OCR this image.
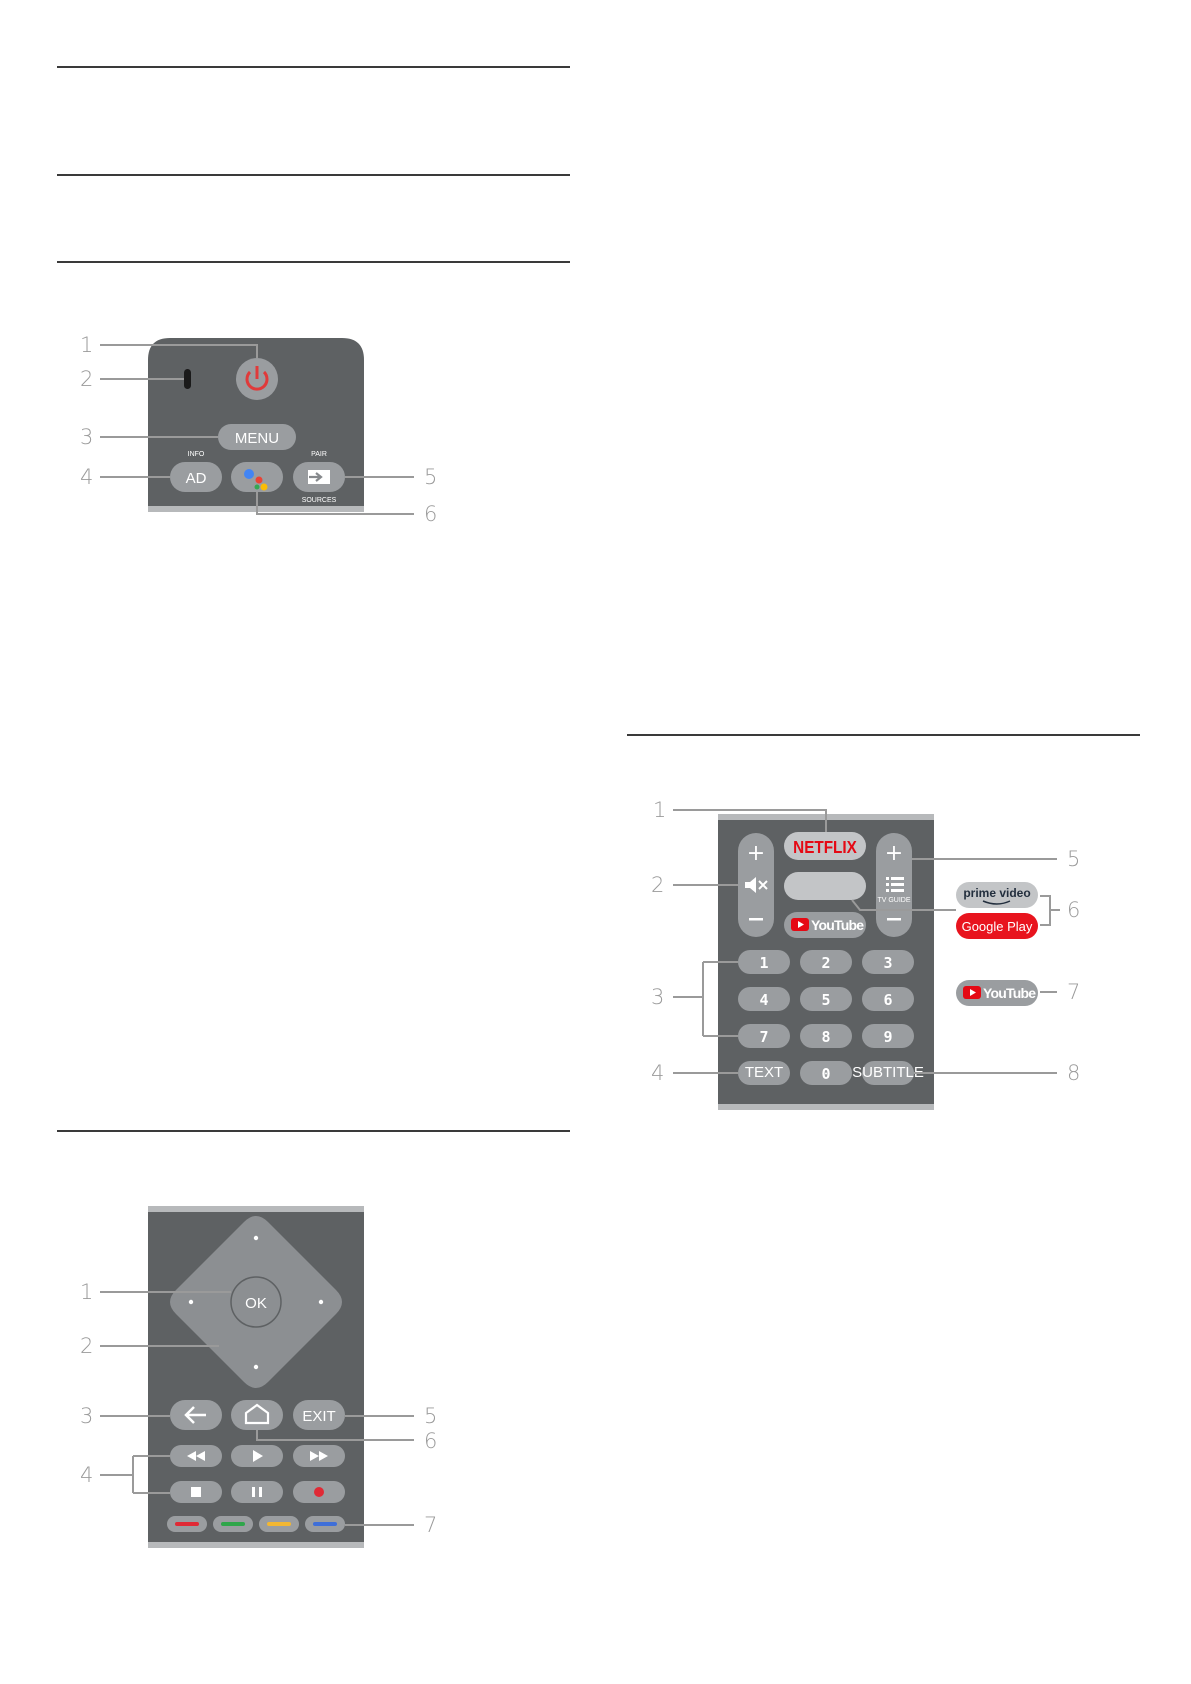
MENU
INFO
AD
PAIR
SOURCES
1
2
3
4	5
6
OK
EXIT
1
2
3
4
5
6
7
+ NETFLIX
YouTube
+
TV GUIDE
1	2	3
4	5	6
7	8	9
TEXT	0 SUBTITLE
prime video
Google Play
YouTube
1
2
3
4
5
6
7
8
